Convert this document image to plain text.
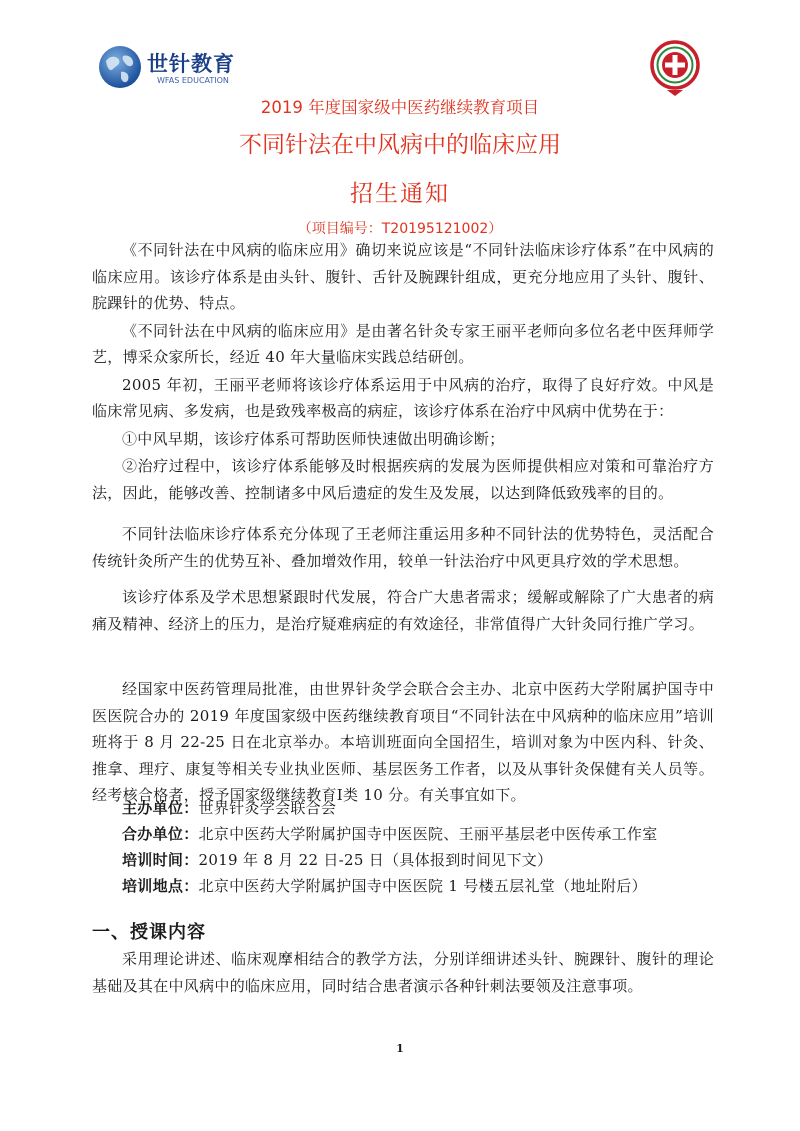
世针教育
WFAS EDUCATION
2019 年度国家级中医药继续教育项目
不同针法在中风病中的临床应用
招生通知
（项目编号：T20195121002）

《不同针法在中风病的临床应用》确切来说应该是“不同针法临床诊疗体系”在中风病的临床应用。该诊疗体系是由头针、腹针、舌针及腕踝针组成，更充分地应用了头针、腹针、脘踝针的优势、特点。

《不同针法在中风病的临床应用》是由著名针灸专家王丽平老师向多位名老中医拜师学艺，博采众家所长，经近 40 年大量临床实践总结研创。

2005 年初，王丽平老师将该诊疗体系运用于中风病的治疗，取得了良好疗效。中风是临床常见病、多发病，也是致残率极高的病症，该诊疗体系在治疗中风病中优势在于：

①中风早期，该诊疗体系可帮助医师快速做出明确诊断；

②治疗过程中，该诊疗体系能够及时根据疾病的发展为医师提供相应对策和可靠治疗方法，因此，能够改善、控制诸多中风后遗症的发生及发展，以达到降低致残率的目的。

不同针法临床诊疗体系充分体现了王老师注重运用多种不同针法的优势特色，灵活配合传统针灸所产生的优势互补、叠加增效作用，较单一针法治疗中风更具疗效的学术思想。

该诊疗体系及学术思想紧跟时代发展，符合广大患者需求；缓解或解除了广大患者的病痛及精神、经济上的压力，是治疗疑难病症的有效途径，非常值得广大针灸同行推广学习。

经国家中医药管理局批准，由世界针灸学会联合会主办、北京中医药大学附属护国寺中医医院合办的 2019 年度国家级中医药继续教育项目“不同针法在中风病种的临床应用”培训班将于 8 月 22-25 日在北京举办。本培训班面向全国招生，培训对象为中医内科、针灸、推拿、理疗、康复等相关专业执业医师、基层医务工作者，以及从事针灸保健有关人员等。经考核合格者，授予国家级继续教育Ⅰ类 10 分。有关事宜如下。

主办单位：世界针灸学会联合会
合办单位：北京中医药大学附属护国寺中医医院、王丽平基层老中医传承工作室
培训时间：2019 年 8 月 22 日-25 日（具体报到时间见下文）
培训地点：北京中医药大学附属护国寺中医医院 1 号楼五层礼堂（地址附后）
一、授课内容

采用理论讲述、临床观摩相结合的教学方法，分别详细讲述头针、腕踝针、腹针的理论基础及其在中风病中的临床应用，同时结合患者演示各种针刺法要领及注意事项。

1
